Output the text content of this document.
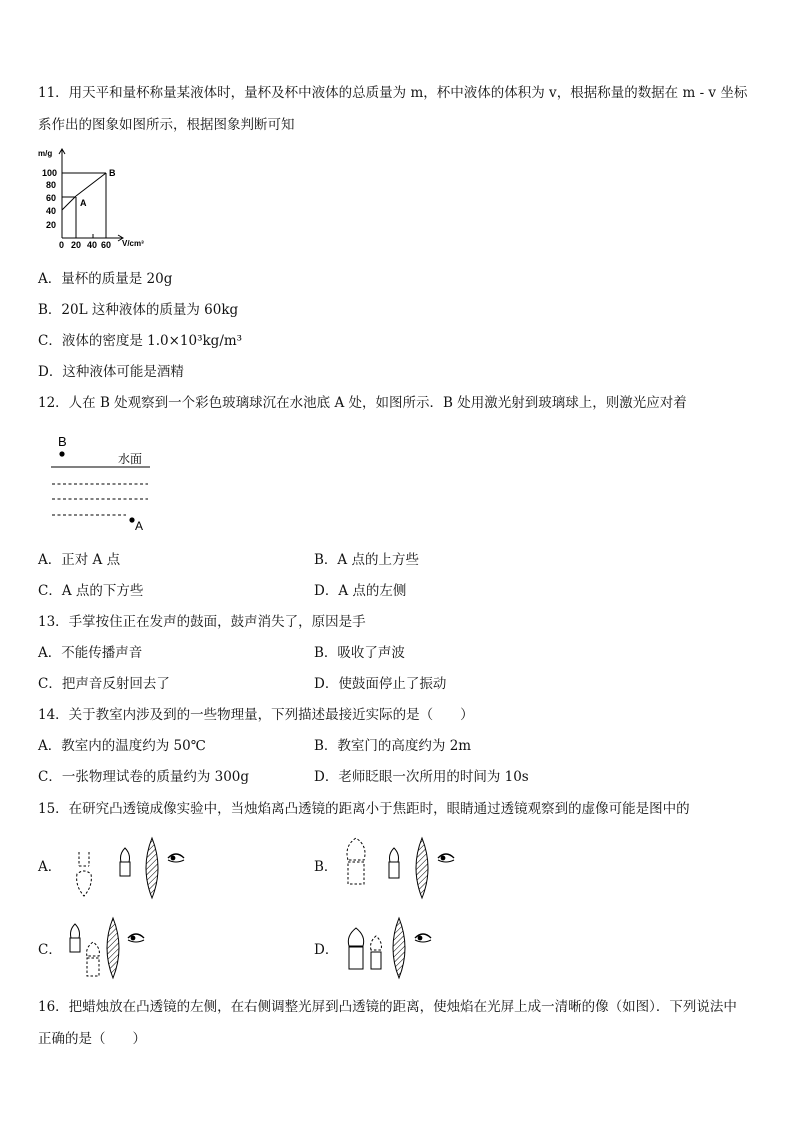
11．用天平和量杯称量某液体时，量杯及杯中液体的总质量为 m，杯中液体的体积为 v，根据称量的数据在 m - v 坐标
系作出的图象如图所示，根据图象判断可知
m/g
100
80
60
40
20
0 20 40 60 V/cm³
A
B
A．量杯的质量是 20g
B．20L 这种液体的质量为 60kg
C．液体的密度是 1.0×10³kg/m³
D．这种液体可能是酒精
12．人在 B 处观察到一个彩色玻璃球沉在水池底 A 处，如图所示．B 处用激光射到玻璃球上，则激光应对着
B
水面
A
A．正对 A 点	B．A 点的上方些
C．A 点的下方些	D．A 点的左侧
13．手掌按住正在发声的鼓面，鼓声消失了，原因是手
A．不能传播声音	B．吸收了声波
C．把声音反射回去了	D．使鼓面停止了振动
14．关于教室内涉及到的一些物理量，下列描述最接近实际的是（　　）
A．教室内的温度约为 50℃	B．教室门的高度约为 2m
C．一张物理试卷的质量约为 300g	D．老师眨眼一次所用的时间为 10s
15．在研究凸透镜成像实验中，当烛焰离凸透镜的距离小于焦距时，眼睛通过透镜观察到的虚像可能是图中的
A．	B．
C．	D．
16．把蜡烛放在凸透镜的左侧，在右侧调整光屏到凸透镜的距离，使烛焰在光屏上成一清晰的像（如图）．下列说法中
正确的是（　　）
